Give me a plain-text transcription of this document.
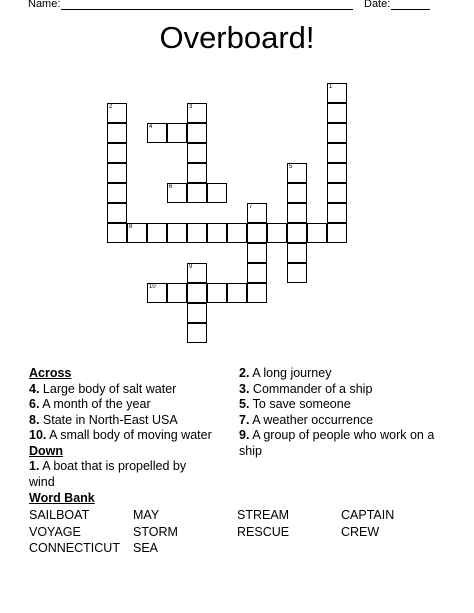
Name:	Date:
Overboard!
1
2	3
4
5
6
7
8
9
10
Across
4. Large body of salt water
6. A month of the year
8. State in North-East USA
10. A small body of moving water
Down
1. A boat that is propelled by wind
2. A long journey
3. Commander of a ship
5. To save someone
7. A weather occurrence
9. A group of people who work on a ship
Word Bank
SAILBOAT	MAY	STREAM	CAPTAIN
VOYAGE	STORM	RESCUE	CREW
CONNECTICUT SEA
